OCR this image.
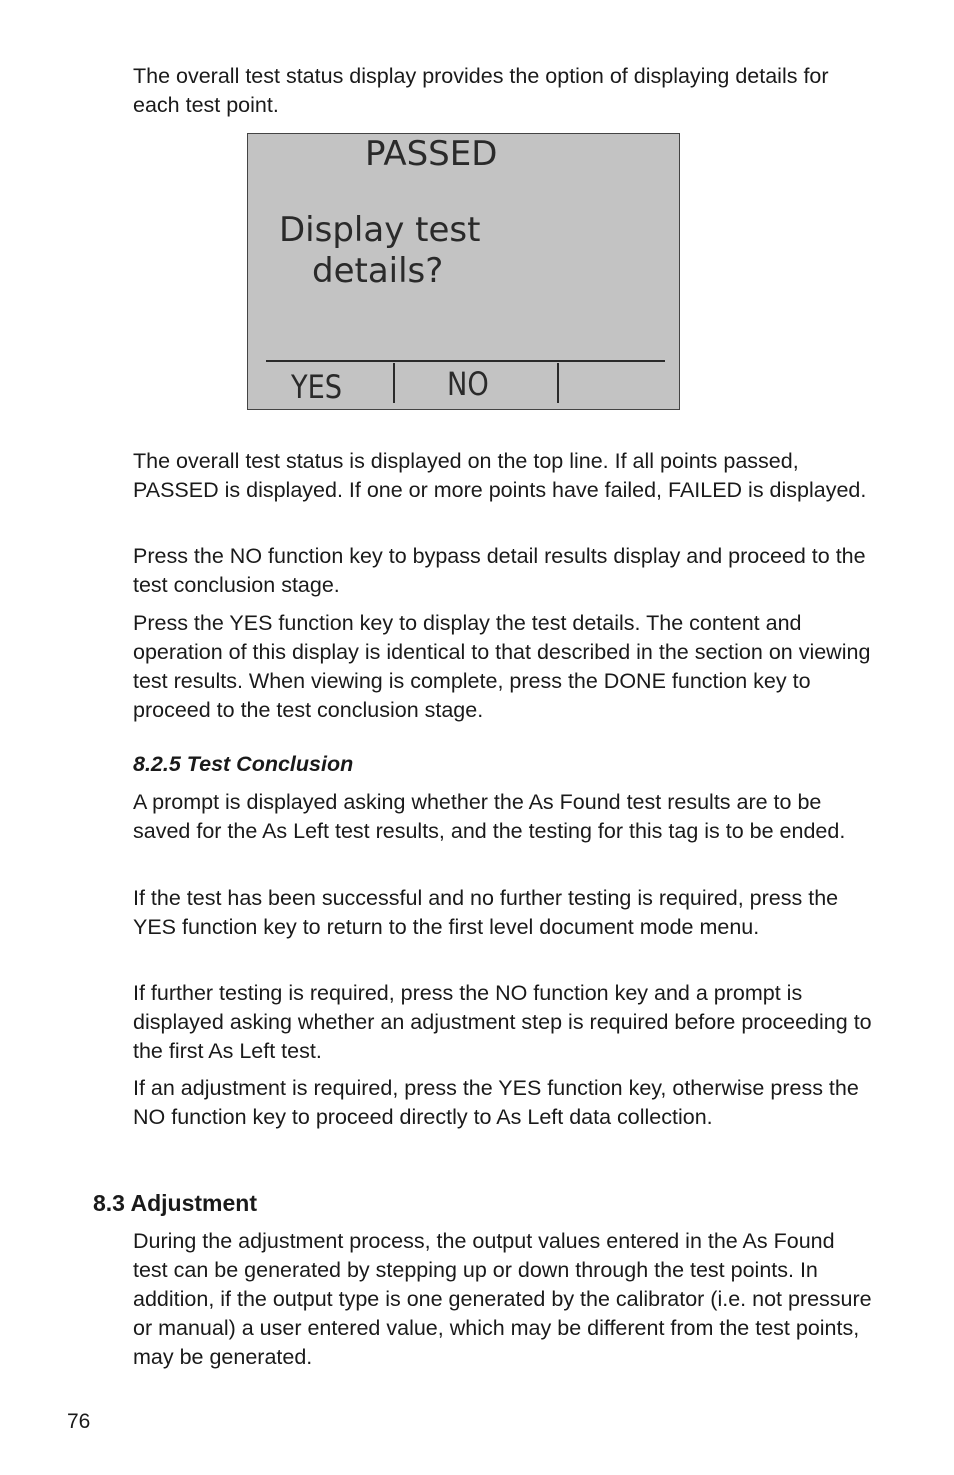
The overall test status display provides the option of displaying details for each test point.

PASSED
Display test
details?
YES	NO

The overall test status is displayed on the top line. If all points passed, PASSED is displayed. If one or more points have failed, FAILED is displayed.

Press the NO function key to bypass detail results display and proceed to the test conclusion stage.

Press the YES function key to display the test details. The content and operation of this display is identical to that described in the section on viewing test results. When viewing is complete, press the DONE function key to proceed to the test conclusion stage.

8.2.5 Test Conclusion

A prompt is displayed asking whether the As Found test results are to be saved for the As Left test results, and the testing for this tag is to be ended.

If the test has been successful and no further testing is required, press the YES function key to return to the first level document mode menu.

If further testing is required, press the NO function key and a prompt is displayed asking whether an adjustment step is required before proceeding to the first As Left test.

If an adjustment is required, press the YES function key, otherwise press the NO function key to proceed directly to As Left data collection.

8.3 Adjustment

During the adjustment process, the output values entered in the As Found test can be generated by stepping up or down through the test points. In addition, if the output type is one generated by the calibrator (i.e. not pressure or manual) a user entered value, which may be different from the test points, may be generated.

76
